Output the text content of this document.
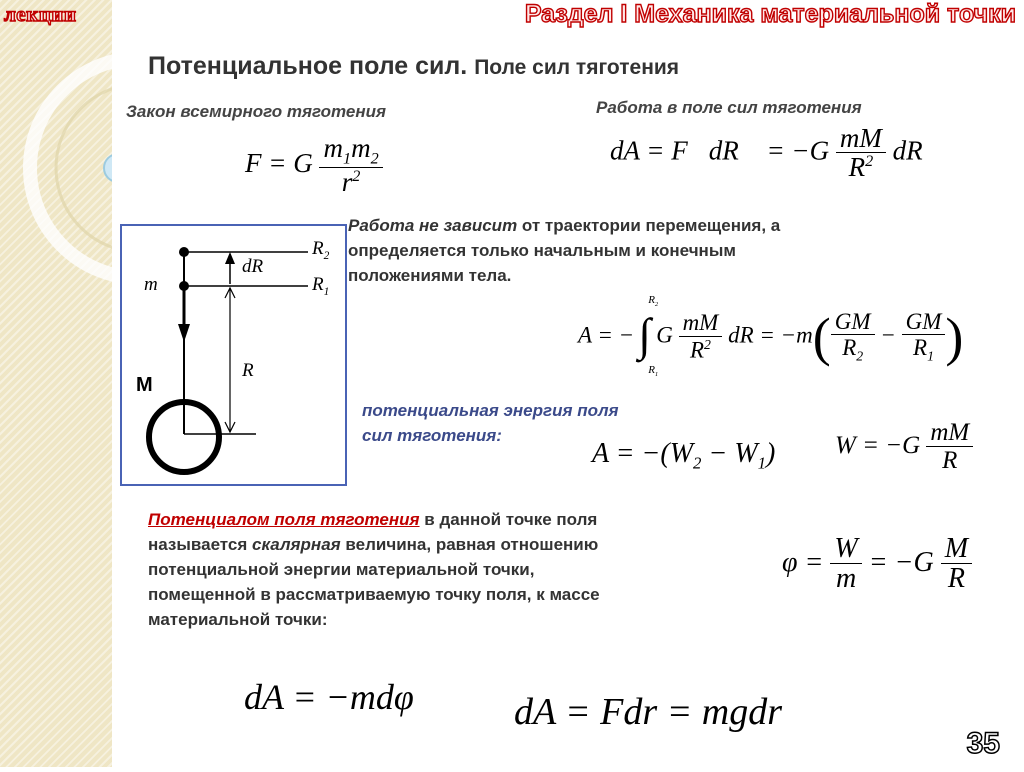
лекции	Раздел I Механика материальной точки
Потенциальное поле сил. Поле сил тяготения
Закон всемирного тяготения
F = G $\frac{m_1m_2}{r^2}$
Работа в поле сил тяготения
dA = F⃗dR⃗ = $-G \frac{mM}{R^2}$ dR
$R_2$
$R_1$
dR
m
R
M
Работа не зависит от траектории перемещения, а
определяется только начальным и конечным
положениями тела.
A = − ∫
$R_2$
$R_1$
G $\frac{mM}{R^2}$ dR = $-m( \frac{GM}{R_2} - \frac{GM}{R_1}$ )
потенциальная энергия поля
сил тяготения:
$A = -(W_2 - W_1) W = -G \frac{mM}{R}$
Потенциалом поля тяготения в данной точке поля
называется скалярная величина, равная отношению
потенциальной энергии материальной точки,
помещенной в рассматриваемую точку поля, к массе
материальной точки:
$\varphi = \frac{W}{m} = -G \frac{M}{R}$
dA = −mdφ	dA = Fdr = mgdr
35
